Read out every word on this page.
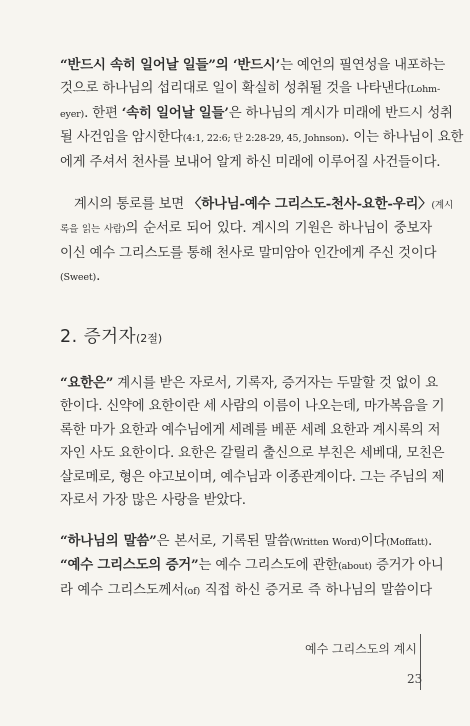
“반드시 속히 일어날 일들”의 ‘반드시’는 예언의 필연성을 내포하는

것으로 하나님의 섭리대로 일이 확실히 성취될 것을 나타낸다(Lohm-

eyer). 한편 ‘속히 일어날 일들’은 하나님의 계시가 미래에 반드시 성취

될 사건임을 암시한다(4:1, 22:6; 단 2:28-29, 45, Johnson). 이는 하나님이 요한

에게 주셔서 천사를 보내어 알게 하신 미래에 이루어질 사건들이다.

계시의 통로를 보면 〈하나님-예수 그리스도-천사-요한-우리〉(계시

록을 읽는 사람)의 순서로 되어 있다. 계시의 기원은 하나님이 중보자

이신 예수 그리스도를 통해 천사로 말미암아 인간에게 주신 것이다

(Sweet).

2. 증거자(2절)

“요한은” 계시를 받은 자로서, 기록자, 증거자는 두말할 것 없이 요

한이다. 신약에 요한이란 세 사람의 이름이 나오는데, 마가복음을 기

록한 마가 요한과 예수님에게 세례를 베푼 세례 요한과 계시록의 저

자인 사도 요한이다. 요한은 갈릴리 출신으로 부친은 세베대, 모친은

살로메로, 형은 야고보이며, 예수님과 이종관계이다. 그는 주님의 제

자로서 가장 많은 사랑을 받았다.

“하나님의 말씀”은 본서로, 기록된 말씀(Written Word)이다(Moffatt).

“예수 그리스도의 증거”는 예수 그리스도에 관한(about) 증거가 아니

라 예수 그리스도께서(of) 직접 하신 증거로 즉 하나님의 말씀이다

예수 그리스도의 계시
23
